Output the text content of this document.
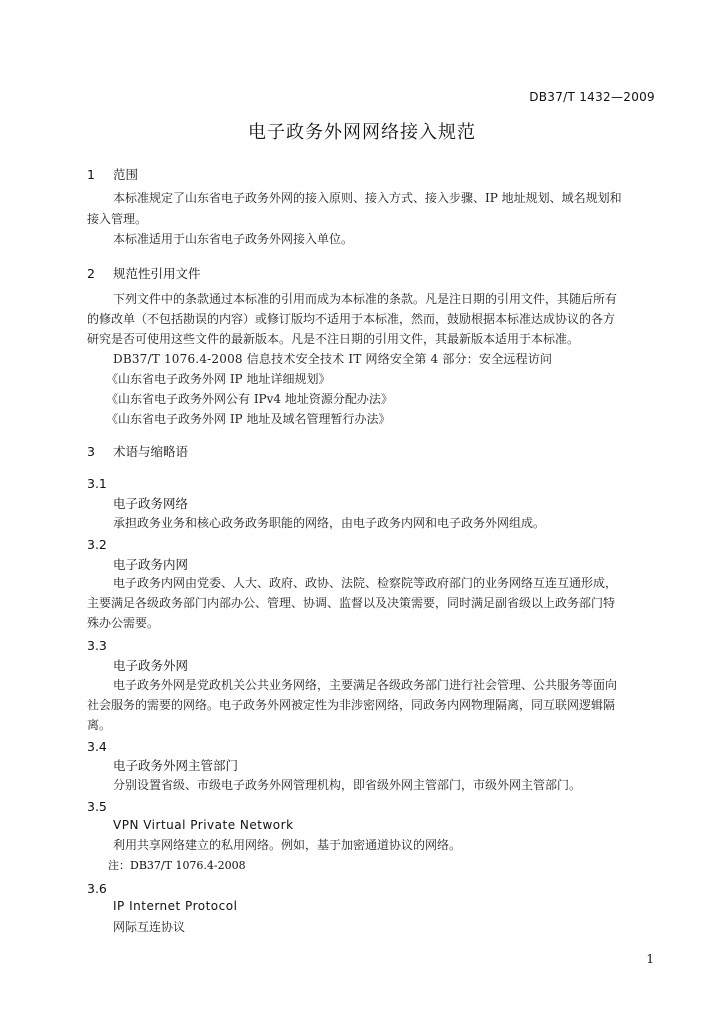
DB37/T 1432—2009
电子政务外网网络接入规范
1 范围
本标准规定了山东省电子政务外网的接入原则、接入方式、接入步骤、IP 地址规划、域名规划和
接入管理。
本标准适用于山东省电子政务外网接入单位。
2 规范性引用文件
下列文件中的条款通过本标准的引用而成为本标准的条款。凡是注日期的引用文件，其随后所有
的修改单（不包括勘误的内容）或修订版均不适用于本标准，然而，鼓励根据本标准达成协议的各方
研究是否可使用这些文件的最新版本。凡是不注日期的引用文件，其最新版本适用于本标准。
DB37/T 1076.4-2008 信息技术安全技术 IT 网络安全第 4 部分：安全远程访问
《山东省电子政务外网 IP 地址详细规划》
《山东省电子政务外网公有 IPv4 地址资源分配办法》
《山东省电子政务外网 IP 地址及域名管理暂行办法》
3 术语与缩略语
3.1
电子政务网络
承担政务业务和核心政务政务职能的网络，由电子政务内网和电子政务外网组成。
3.2
电子政务内网
电子政务内网由党委、人大、政府、政协、法院、检察院等政府部门的业务网络互连互通形成，
主要满足各级政务部门内部办公、管理、协调、监督以及决策需要，同时满足副省级以上政务部门特
殊办公需要。
3.3
电子政务外网
电子政务外网是党政机关公共业务网络，主要满足各级政务部门进行社会管理、公共服务等面向
社会服务的需要的网络。电子政务外网被定性为非涉密网络，同政务内网物理隔离，同互联网逻辑隔
离。
3.4
电子政务外网主管部门
分别设置省级、市级电子政务外网管理机构，即省级外网主管部门，市级外网主管部门。
3.5
VPN Virtual Private Network
利用共享网络建立的私用网络。例如，基于加密通道协议的网络。
注：DB37/T 1076.4-2008
3.6
IP Internet Protocol
网际互连协议
1
